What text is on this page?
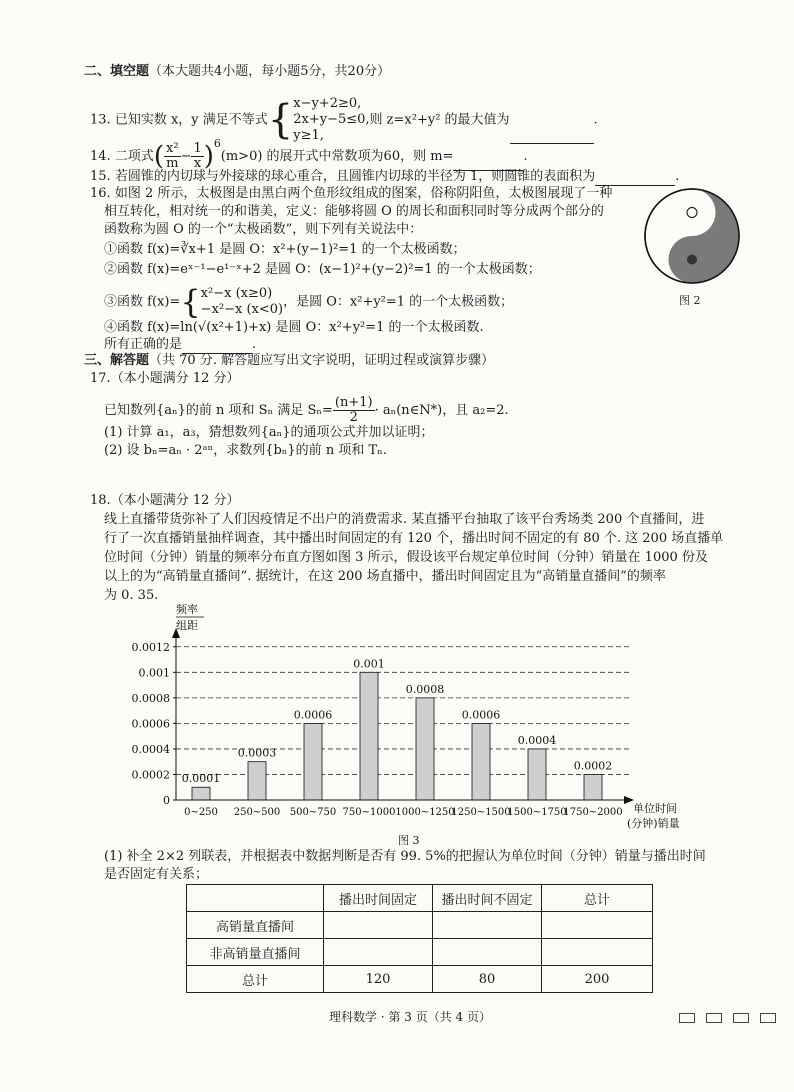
二、填空题（本大题共4小题，每小题5分，共20分）
13. 已知实数 x，y 满足不等式{ x−y+2≥0,
2x+y−5≤0,
y≥1,
则 z=x²+y² 的最大值为	.
14. 二项式( $\frac{\text{x²}}{m} - \frac{1}{x} )^6(m>0)$ 的展开式中常数项为60，则 m=	.
15. 若圆锥的内切球与外接球的球心重合，且圆锥内切球的半径为 1，则圆锥的表面积为	.
16. 如图 2 所示，太极图是由黑白两个鱼形纹组成的图案，俗称阴阳鱼，太极图展现了一种
相互转化，相对统一的和谐美，定义：能够将圆 O 的周长和面积同时等分成两个部分的
函数称为圆 O 的一个“太极函数”，则下列有关说法中：
①函数 f(x)=∛x+1 是圆 O：x²+(y−1)²=1 的一个太极函数；
②函数 f(x)=eˣ⁻¹−e¹⁻ˣ+2 是圆 O：(x−1)²+(y−2)²=1 的一个太极函数；
③函数 f(x)={ x²−x (x≥0)
−x²−x (x<0) ，是圆 O：x²+y²=1 的一个太极函数；
④函数 f(x)=ln(√(x²+1)+x) 是圆 O：x²+y²=1 的一个太极函数.
所有正确的是	.
图 2
三、解答题（共 70 分. 解答题应写出文字说明，证明过程或演算步骤）
17.（本小题满分 12 分）
已知数列{aₙ}的前 n 项和 Sₙ 满足 $S_n= \frac{(n+1)}{2}$ · aₙ(n∈N*)，且 a₂=2.
(1) 计算 a₁，a₃，猜想数列{aₙ}的通项公式并加以证明；
(2) 设 bₙ=aₙ · 2ᵃⁿ，求数列{bₙ}的前 n 项和 Tₙ.
18.（本小题满分 12 分）
线上直播带货弥补了人们因疫情足不出户的消费需求. 某直播平台抽取了该平台秀场类 200 个直播间，进
行了一次直播销量抽样调查，其中播出时间固定的有 120 个，播出时间不固定的有 80 个. 这 200 场直播单
位时间（分钟）销量的频率分布直方图如图 3 所示，假设该平台规定单位时间（分钟）销量在 1000 份及
以上的为“高销量直播间”. 据统计，在这 200 场直播中，播出时间固定且为“高销量直播间”的频率
为 0. 35.
频率
组距
单位时间
(分钟)销量
0.0001
0.0003
0.0006
0.001
0.0008
0.0006
0.0004
0.0002
0
0.0002
0.0004
0.0006
0.0008
0.001
0.0012
0~250 250~500 500~750 750~1000 1000~1250
1250~1500
1500~1750
1750~2000
图 3
(1) 补全 2×2 列联表，并根据表中数据判断是否有 99. 5%的把握认为单位时间（分钟）销量与播出时间
是否固定有关系；
	播出时间固定	播出时间不固定	总计
高销量直播间			
非高销量直播间			
总计	120	80	200
理科数学 · 第 3 页（共 4 页）
